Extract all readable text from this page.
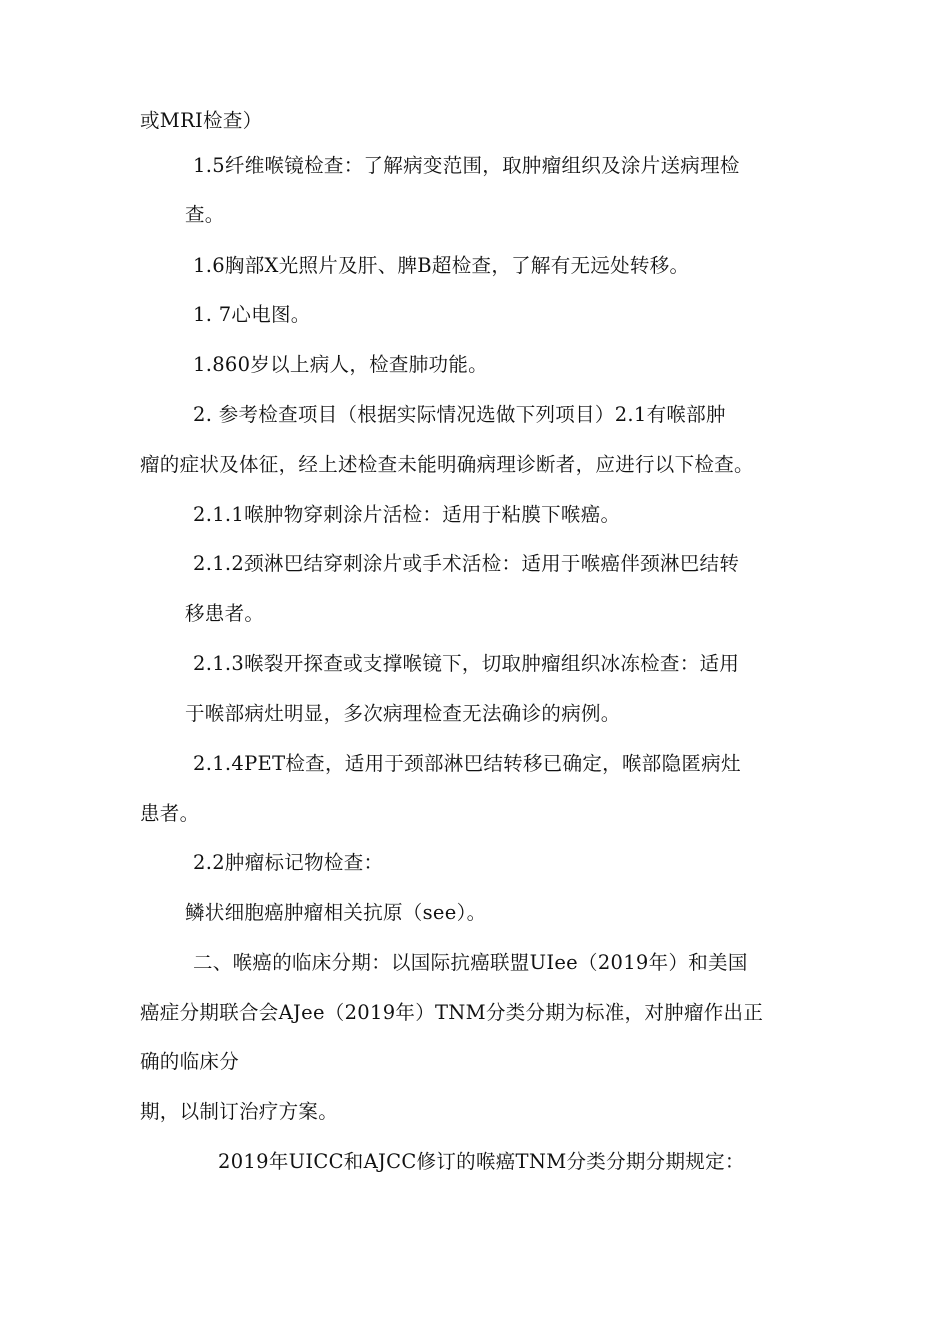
或MRI检查）
1.5纤维喉镜检查：了解病变范围，取肿瘤组织及涂片送病理检
查。
1.6胸部X光照片及肝、脾B超检查，了解有无远处转移。
1. 7心电图。
1.860岁以上病人，检查肺功能。
2. 参考检查项目（根据实际情况选做下列项目）2.1有喉部肿
瘤的症状及体征，经上述检查未能明确病理诊断者，应进行以下检查。
2.1.1喉肿物穿刺涂片活检：适用于粘膜下喉癌。
2.1.2颈淋巴结穿刺涂片或手术活检：适用于喉癌伴颈淋巴结转
移患者。
2.1.3喉裂开探查或支撑喉镜下，切取肿瘤组织冰冻检查：适用
于喉部病灶明显，多次病理检查无法确诊的病例。
2.1.4PET检查，适用于颈部淋巴结转移已确定，喉部隐匿病灶
患者。
2.2肿瘤标记物检查：
鳞状细胞癌肿瘤相关抗原（see）。
二、喉癌的临床分期：以国际抗癌联盟UIee（2019年）和美国
癌症分期联合会AJee（2019年）TNM分类分期为标准，对肿瘤作出正
确的临床分
期，以制订治疗方案。
2019年UICC和AJCC修订的喉癌TNM分类分期分期规定：
